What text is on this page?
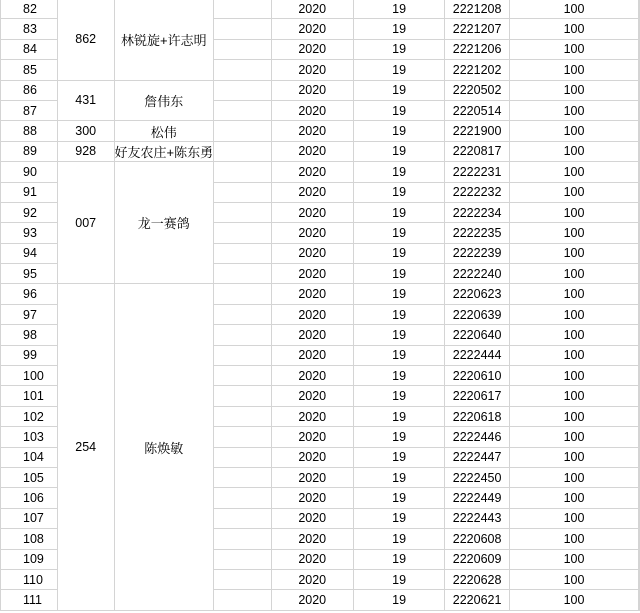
82	862	林锐旋+许志明		2020	19	2221208	100	
83				2020	19	2221207	100	
84				2020	19	2221206	100	
85				2020	19	2221202	100	
86	431	詹伟东		2020	19	2220502	100	
87				2020	19	2220514	100	
88	300	松伟		2020	19	2221900	100	
89	928	好友农庄+陈东勇		2020	19	2220817	100	
90	007	龙一赛鸽		2020	19	2222231	100	
91				2020	19	2222232	100	
92				2020	19	2222234	100	
93				2020	19	2222235	100	
94				2020	19	2222239	100	
95				2020	19	2222240	100	
96	254	陈焕敏		2020	19	2220623	100	
97				2020	19	2220639	100	
98				2020	19	2220640	100	
99				2020	19	2222444	100	
100				2020	19	2220610	100	
101				2020	19	2220617	100	
102				2020	19	2220618	100	
103				2020	19	2222446	100	
104				2020	19	2222447	100	
105				2020	19	2222450	100	
106				2020	19	2222449	100	
107				2020	19	2222443	100	
108				2020	19	2220608	100	
109				2020	19	2220609	100	
110				2020	19	2220628	100	
111				2020	19	2220621	100	
